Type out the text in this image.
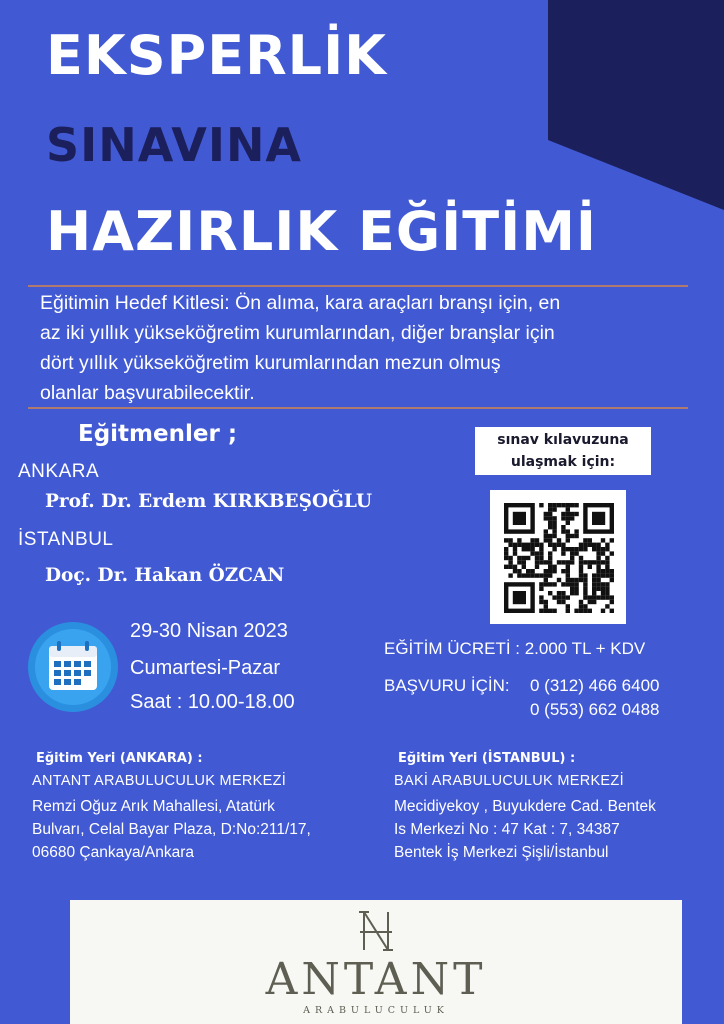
EKSPERLİK
SINAVINA
HAZIRLIK EĞİTİMİ
Eğitimin Hedef Kitlesi: Ön alıma, kara araçları branşı için, en
az iki yıllık yükseköğretim kurumlarından, diğer branşlar için
dört yıllık yükseköğretim kurumlarından mezun olmuş
olanlar başvurabilecektir.
Eğitmenler ;
ANKARA
Prof. Dr. Erdem KIRKBEŞOĞLU
İSTANBUL
Doç. Dr. Hakan ÖZCAN
sınav kılavuzuna
ulaşmak için:
29-30 Nisan 2023
Cumartesi-Pazar
Saat : 10.00-18.00
EĞİTİM ÜCRETİ : 2.000 TL + KDV
BAŞVURU İÇİN: 0 (312) 466 6400
0 (553) 662 0488
Eğitim Yeri (ANKARA) :
ANTANT ARABULUCULUK MERKEZİ
Remzi Oğuz Arık Mahallesi, Atatürk
Bulvarı, Celal Bayar Plaza, D:No:211/17,
06680 Çankaya/Ankara
Eğitim Yeri (İSTANBUL) :
BAKİ ARABULUCULUK MERKEZİ
Mecidiyekoy , Buyukdere Cad. Bentek
Is Merkezi No : 47 Kat : 7, 34387
Bentek İş Merkezi Şişli/İstanbul
ANTANT
ARABULUCULUK
